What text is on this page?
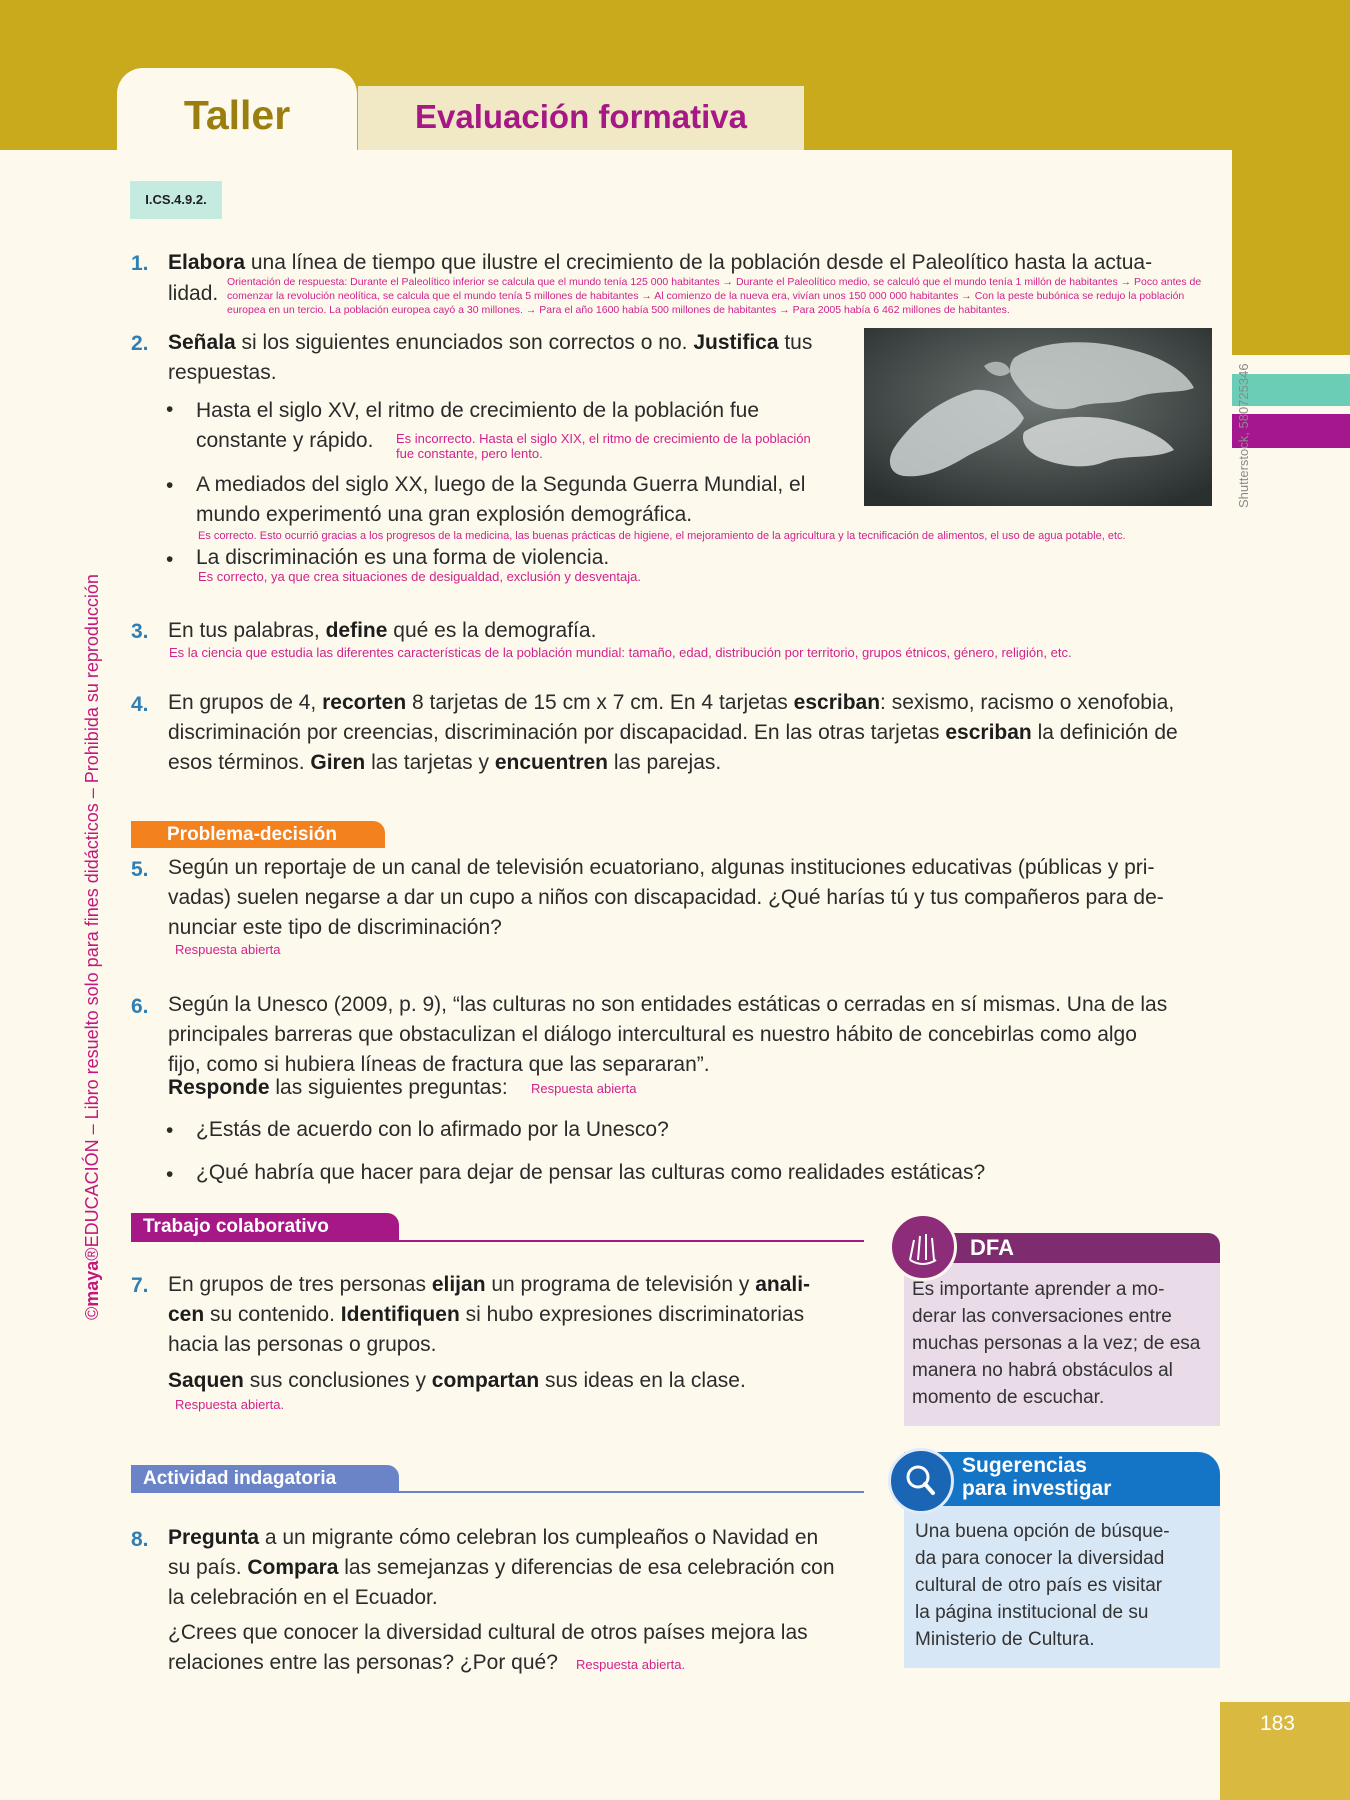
183
Taller	Evaluación formativa
I.CS.4.9.2.
©maya®EDUCACIÓN – Libro resuelto solo para fines didácticos – Prohibida su reproducción
1. Elabora una línea de tiempo que ilustre el crecimiento de la población desde el Paleolítico hasta la actua-
lidad. Orientación de respuesta: Durante el Paleolítico inferior se calcula que el mundo tenía 125 000 habitantes → Durante el Paleolítico medio, se calculó que el mundo tenía 1 millón de habitantes → Poco antes de
comenzar la revolución neolítica, se calcula que el mundo tenía 5 millones de habitantes → Al comienzo de la nueva era, vivían unos 150 000 000 habitantes → Con la peste bubónica se redujo la población
europea en un tercio. La población europea cayó a 30 millones. → Para el año 1600 había 500 millones de habitantes → Para 2005 había 6 462 millones de habitantes.
2. Señala si los siguientes enunciados son correctos o no. Justifica tus
respuestas.
• Hasta el siglo XV, el ritmo de crecimiento de la población fue
constante y rápido. Es incorrecto. Hasta el siglo XIX, el ritmo de crecimiento de la población
fue constante, pero lento.
• A mediados del siglo XX, luego de la Segunda Guerra Mundial, el
mundo experimentó una gran explosión demográfica.
Es correcto. Esto ocurrió gracias a los progresos de la medicina, las buenas prácticas de higiene, el mejoramiento de la agricultura y la tecnificación de alimentos, el uso de agua potable, etc.
• La discriminación es una forma de violencia.
Es correcto, ya que crea situaciones de desigualdad, exclusión y desventaja.
Shutterstock, 580725346
3. En tus palabras, define qué es la demografía.
Es la ciencia que estudia las diferentes características de la población mundial: tamaño, edad, distribución por territorio, grupos étnicos, género, religión, etc.
4. En grupos de 4, recorten 8 tarjetas de 15 cm x 7 cm. En 4 tarjetas escriban: sexismo, racismo o xenofobia,
discriminación por creencias, discriminación por discapacidad. En las otras tarjetas escriban la definición de
esos términos. Giren las tarjetas y encuentren las parejas.
Problema-decisión
5. Según un reportaje de un canal de televisión ecuatoriano, algunas instituciones educativas (públicas y pri-
vadas) suelen negarse a dar un cupo a niños con discapacidad. ¿Qué harías tú y tus compañeros para de-
nunciar este tipo de discriminación?
Respuesta abierta
6. Según la Unesco (2009, p. 9), “las culturas no son entidades estáticas o cerradas en sí mismas. Una de las
principales barreras que obstaculizan el diálogo intercultural es nuestro hábito de concebirlas como algo
fijo, como si hubiera líneas de fractura que las separaran”.
Responde las siguientes preguntas: Respuesta abierta
• ¿Estás de acuerdo con lo afirmado por la Unesco?
• ¿Qué habría que hacer para dejar de pensar las culturas como realidades estáticas?
Trabajo colaborativo
7. En grupos de tres personas elijan un programa de televisión y anali-
cen su contenido. Identifiquen si hubo expresiones discriminatorias
hacia las personas o grupos.
Saquen sus conclusiones y compartan sus ideas en la clase.
Respuesta abierta.
DFA
Es importante aprender a mo-
derar las conversaciones entre
muchas personas a la vez; de esa
manera no habrá obstáculos al
momento de escuchar.
Actividad indagatoria
Sugerencias
para investigar
Una buena opción de búsque-
da para conocer la diversidad
cultural de otro país es visitar
la página institucional de su
Ministerio de Cultura.
8. Pregunta a un migrante cómo celebran los cumpleaños o Navidad en
su país. Compara las semejanzas y diferencias de esa celebración con
la celebración en el Ecuador.
¿Crees que conocer la diversidad cultural de otros países mejora las
relaciones entre las personas? ¿Por qué? Respuesta abierta.
